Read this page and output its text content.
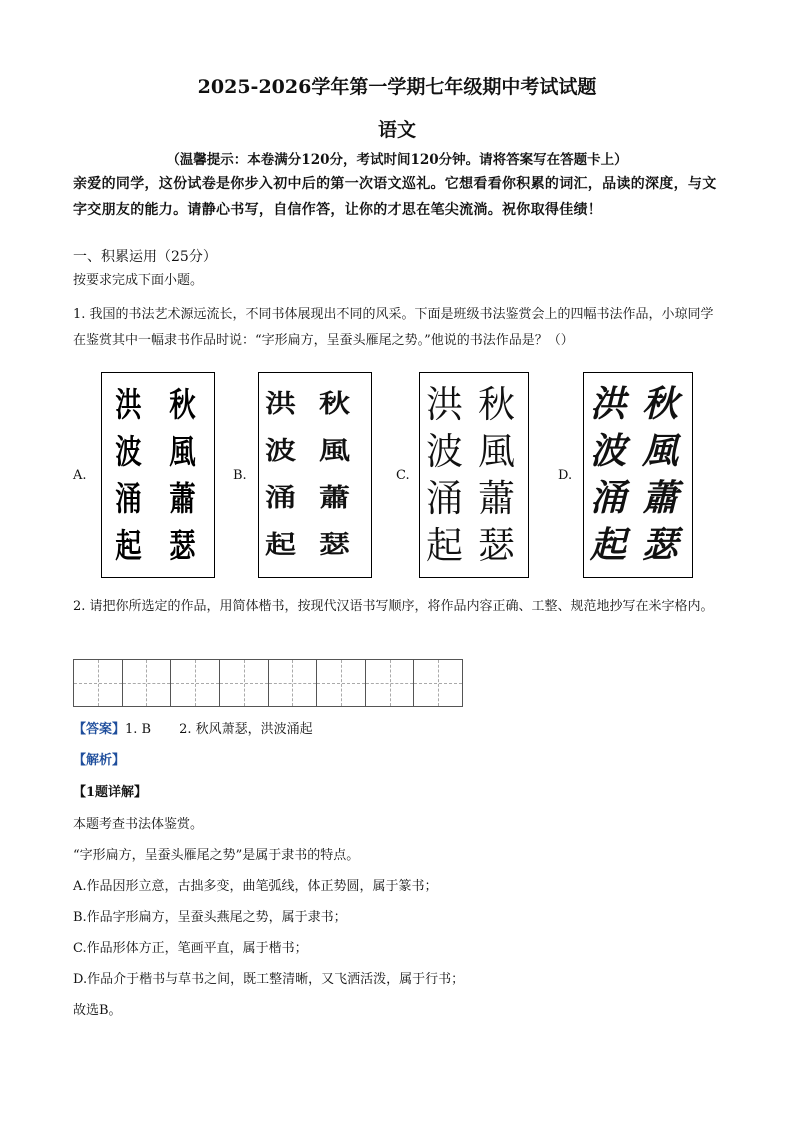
2025-2026学年第一学期七年级期中考试试题
语文
（温馨提示：本卷满分120分，考试时间120分钟。请将答案写在答题卡上）
亲爱的同学，这份试卷是你步入初中后的第一次语文巡礼。它想看看你积累的词汇，品读的深度，与文字交朋友的能力。请静心书写，自信作答，让你的才思在笔尖流淌。祝你取得佳绩！
一、积累运用（25分）
按要求完成下面小题。
1. 我国的书法艺术源远流长，不同书体展现出不同的风采。下面是班级书法鉴赏会上的四幅书法作品，小琼同学在鉴赏其中一幅隶书作品时说：“字形扁方，呈蚕头雁尾之势。”他说的书法作品是？（）
A.	B.	C.	D.
洪
波
涌
起
秋
風
蕭
瑟
洪
波
涌
起
秋
風
蕭
瑟
洪
波
涌
起
秋
風
蕭
瑟
洪
波
涌
起
秋
風
蕭
瑟
2. 请把你所选定的作品，用简体楷书，按现代汉语书写顺序，将作品内容正确、工整、规范地抄写在米字格内。
【答案】1. B 2. 秋风萧瑟，洪波涌起
【解析】
【1题详解】
本题考查书法体鉴赏。
“字形扁方，呈蚕头雁尾之势”是属于隶书的特点。
A.作品因形立意，古拙多变，曲笔弧线，体正势圆，属于篆书；
B.作品字形扁方，呈蚕头燕尾之势，属于隶书；
C.作品形体方正，笔画平直，属于楷书；
D.作品介于楷书与草书之间，既工整清晰，又飞洒活泼，属于行书；
故选B。
